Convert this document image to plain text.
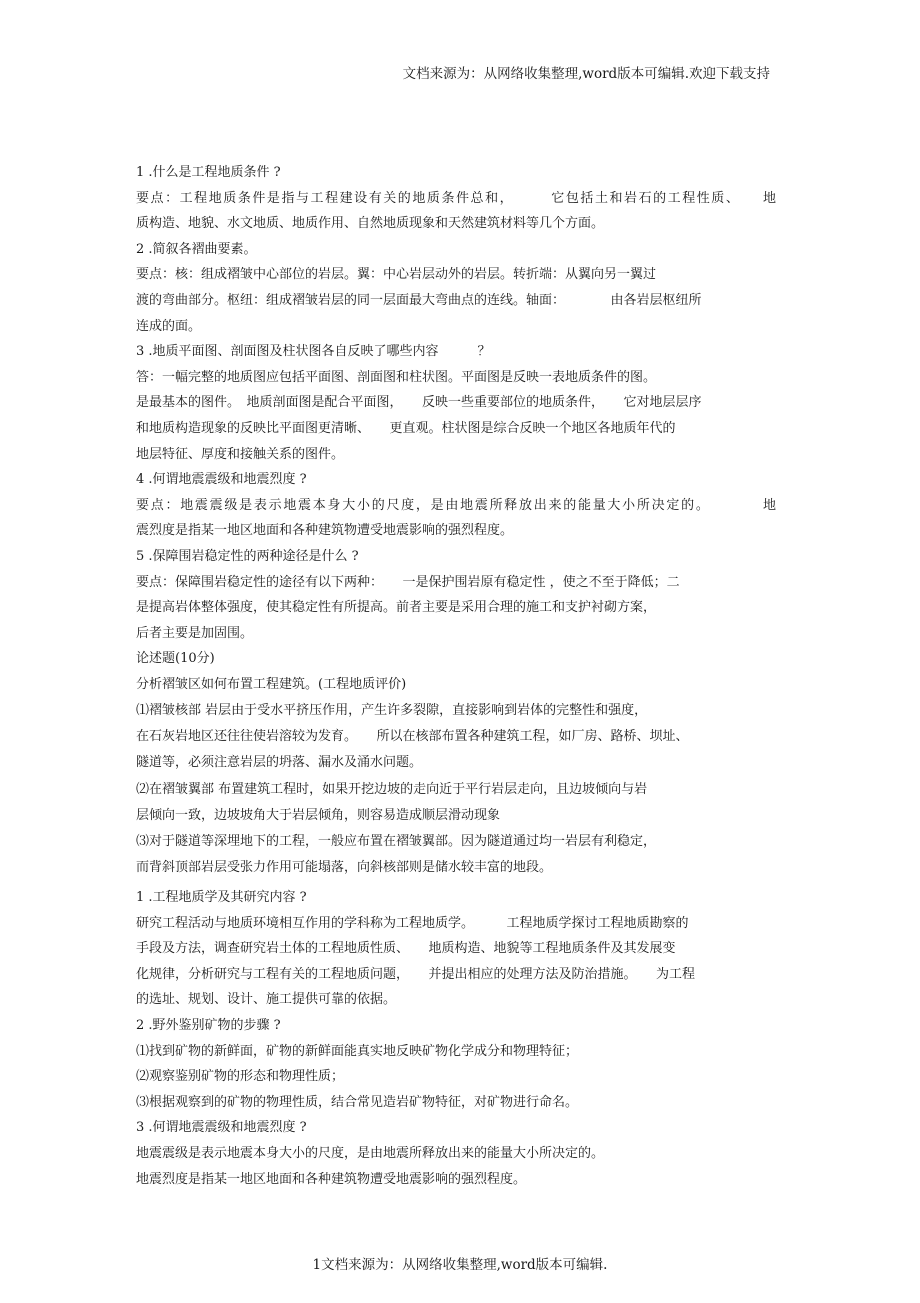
文档来源为：从网络收集整理,word版本可编辑.欢迎下载支持
1 .什么是工程地质条件 ?
要点：工程地质条件是指与工程建设有关的地质条件总和，　　　它包括土和岩石的工程性质、　　地
质构造、地貌、水文地质、地质作用、自然地质现象和天然建筑材料等几个方面。
2 .简叙各褶曲要素。
要点：核：组成褶皱中心部位的岩层。翼：中心岩层动外的岩层。转折端：从翼向另一翼过
渡的弯曲部分。枢纽：组成褶皱岩层的同一层面最大弯曲点的连线。轴面：　　　　由各岩层枢纽所
连成的面。
3 .地质平面图、剖面图及柱状图各自反映了哪些内容　　　？
答：一幅完整的地质图应包括平面图、剖面图和柱状图。平面图是反映一表地质条件的图。
是最基本的图件。　地质剖面图是配合平面图，　　反映一些重要部位的地质条件，　　它对地层层序
和地质构造现象的反映比平面图更清晰、　　更直观。柱状图是综合反映一个地区各地质年代的
地层特征、厚度和接触关系的图件。
4 .何谓地震震级和地震烈度 ?
要点：地震震级是表示地震本身大小的尺度，是由地震所释放出来的能量大小所决定的。　　　　地
震烈度是指某一地区地面和各种建筑物遭受地震影响的强烈程度。
5 .保障围岩稳定性的两种途径是什么 ?
要点：保障围岩稳定性的途径有以下两种：　　一是保护围岩原有稳定性 ，使之不至于降低；二
是提高岩体整体强度，使其稳定性有所提高。前者主要是采用合理的施工和支护衬砌方案，
后者主要是加固围。
论述题(10分)
分析褶皱区如何布置工程建筑。(工程地质评价)
⑴褶皱核部 岩层由于受水平挤压作用，产生许多裂隙，直接影响到岩体的完整性和强度，
在石灰岩地区还往往使岩溶较为发育。　　所以在核部布置各种建筑工程，如厂房、路桥、坝址、
隧道等，必须注意岩层的坍落、漏水及涌水问题。
⑵在褶皱翼部 布置建筑工程时，如果开挖边坡的走向近于平行岩层走向，且边坡倾向与岩
层倾向一致，边坡坡角大于岩层倾角，则容易造成顺层滑动现象
⑶对于隧道等深埋地下的工程，一般应布置在褶皱翼部。因为隧道通过均一岩层有利稳定，
而背斜顶部岩层受张力作用可能塌落，向斜核部则是储水较丰富的地段。
1 .工程地质学及其研究内容 ?
研究工程活动与地质环境相互作用的学科称为工程地质学。　　　工程地质学探讨工程地质勘察的
手段及方法，调查研究岩土体的工程地质性质、　　地质构造、地貌等工程地质条件及其发展变
化规律，分析研究与工程有关的工程地质问题，　　并提出相应的处理方法及防治措施。　　为工程
的选址、规划、设计、施工提供可靠的依据。
2 .野外鉴别矿物的步骤 ?
⑴找到矿物的新鲜面，矿物的新鲜面能真实地反映矿物化学成分和物理特征；
⑵观察鉴别矿物的形态和物理性质；
⑶根据观察到的矿物的物理性质，结合常见造岩矿物特征，对矿物进行命名。
3 .何谓地震震级和地震烈度 ?
地震震级是表示地震本身大小的尺度，是由地震所释放出来的能量大小所决定的。
地震烈度是指某一地区地面和各种建筑物遭受地震影响的强烈程度。
1文档来源为：从网络收集整理,word版本可编辑.
